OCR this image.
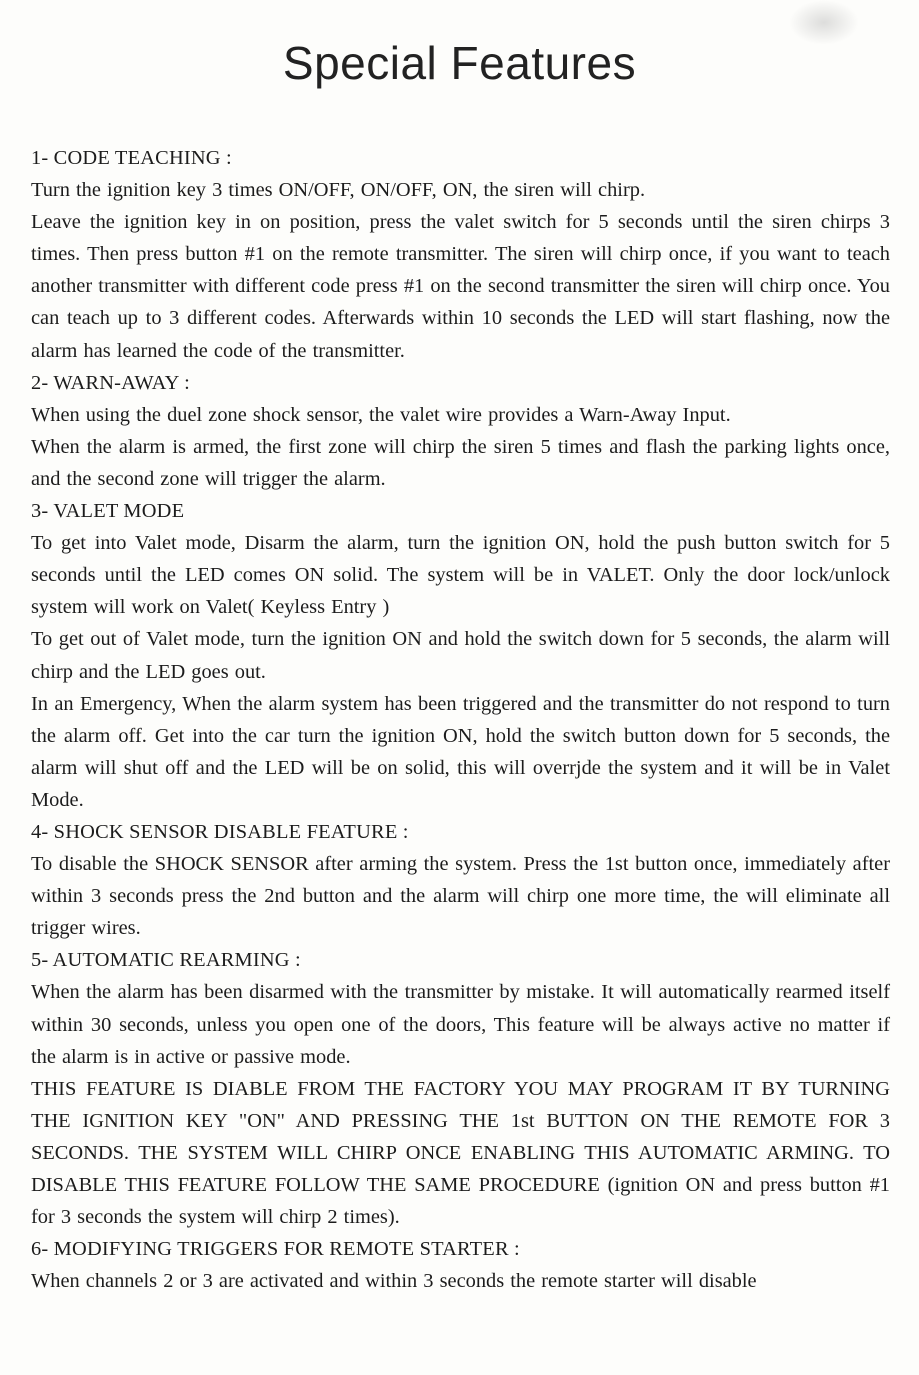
Special Features

1- CODE TEACHING :

Turn the ignition key 3 times ON/OFF, ON/OFF, ON, the siren will chirp.

Leave the ignition key in on position, press the valet switch for 5 seconds until the siren chirps 3 times. Then press button #1 on the remote transmitter. The siren will chirp once, if you want to teach another transmitter with different code press #1 on the second transmitter the siren will chirp once. You can teach up to 3 different codes. Afterwards within 10 seconds the LED will start flashing, now the alarm has learned the code of the transmitter.

2- WARN-AWAY :

When using the duel zone shock sensor, the valet wire provides a Warn-Away Input.

When the alarm is armed, the first zone will chirp the siren 5 times and flash the parking lights once, and the second zone will trigger the alarm.

3- VALET MODE

To get into Valet mode, Disarm the alarm, turn the ignition ON, hold the push button switch for 5 seconds until the LED comes ON solid. The system will be in VALET. Only the door lock/unlock system will work on Valet( Keyless Entry )

To get out of Valet mode, turn the ignition ON and hold the switch down for 5 seconds, the alarm will chirp and the LED goes out.

In an Emergency, When the alarm system has been triggered and the transmitter do not respond to turn the alarm off. Get into the car turn the ignition ON, hold the switch button down for 5 seconds, the alarm will shut off and the LED will be on solid, this will overrjde the system and it will be in Valet Mode.

4- SHOCK SENSOR DISABLE FEATURE :

To disable the SHOCK SENSOR after arming the system. Press the 1st button once, immediately after within 3 seconds press the 2nd button and the alarm will chirp one more time, the will eliminate all trigger wires.

5- AUTOMATIC REARMING :

When the alarm has been disarmed with the transmitter by mistake. It will automatically rearmed itself within 30 seconds, unless you open one of the doors, This feature will be always active no matter if the alarm is in active or passive mode.

THIS FEATURE IS DIABLE FROM THE FACTORY YOU MAY PROGRAM IT BY TURNING THE IGNITION KEY "ON" AND PRESSING THE 1st BUTTON ON THE REMOTE FOR 3 SECONDS. THE SYSTEM WILL CHIRP ONCE ENABLING THIS AUTOMATIC ARMING. TO DISABLE THIS FEATURE FOLLOW THE SAME PROCEDURE (ignition ON and press button #1 for 3 seconds the system will chirp 2 times).

6- MODIFYING TRIGGERS FOR REMOTE STARTER :

When channels 2 or 3 are activated and within 3 seconds the remote starter will disable
